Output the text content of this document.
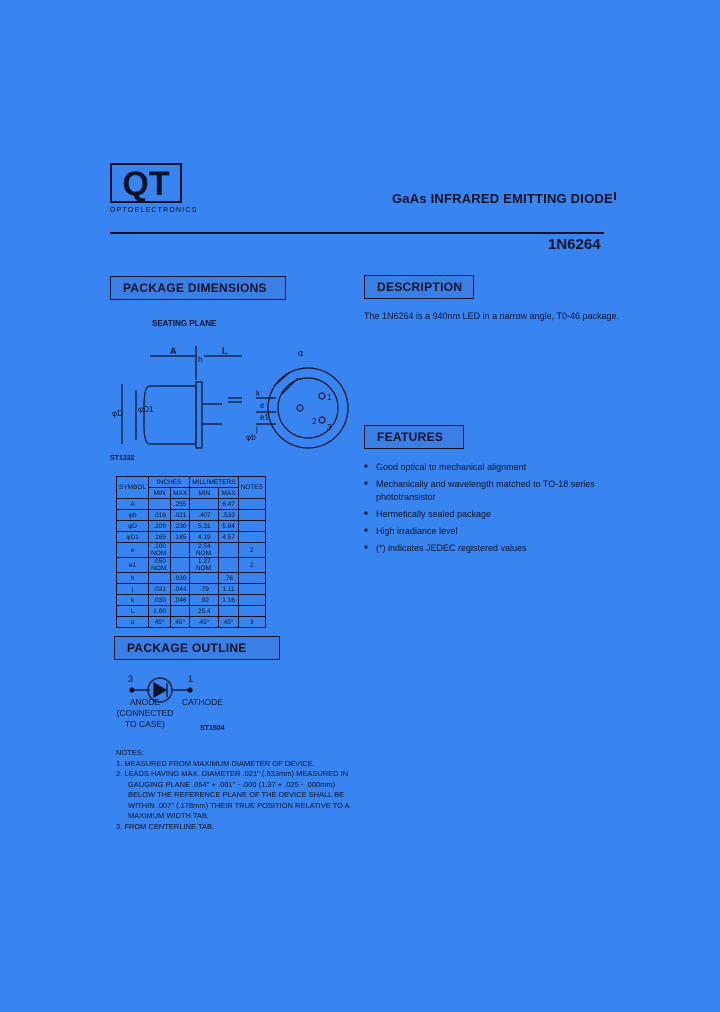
QT
OPTOELECTRONICS
GaAs INFRARED EMITTING DIODE
1N6264
PACKAGE DIMENSIONS	DESCRIPTION
FEATURES
PACKAGE OUTLINE
The 1N6264 is a 940nm LED in a narrow angle, T0-46 package.
■ Good optical to mechanical alignment
■ Mechanically and wavelength matched to TO-18 series phototransistor
■ Hermetically sealed package
■ High irradiance level
■ (*) indicates JEDEC registered values
SEATING PLANE
A	L
h
α
φD φD1
φb
e
e1
k
j
1
2
3
ST1332
SYMBOL	INCHES		MILLIMETERS		NOTES
	MIN	MAX	MIN	MAX	
A		.255		6.47	
φb	.016	.021	.407	.533	
φD	.209	.230	5.31	5.84	
φD1	.165	.185	4.19	4.57	
e	.100 NOM.		2.54 NOM.		2
e1	.050 NOM.		1.27 NOM.		2
h		.030		.76	
j	.031	.044	.79	1.11	
k	.030	.046	.92	1.16	
L	1.00		25.4		
α	45°	45°	45°	45°	3
3	1
ANODE
(CONNECTED
TO CASE)
CATHODE
ST1504

NOTES:

1. MEASURED FROM MAXIMUM DIAMETER OF DEVICE.

2. LEADS HAVING MAX. DIAMETER .021" (.533mm) MEASURED IN GAUGING PLANE .054" + .001" - .000 (1.37 + .025 - .000mm) BELOW THE REFERENCE PLANE OF THE DEVICE SHALL BE WITHIN .007" (.178mm) THEIR TRUE POSITION RELATIVE TO A MAXIMUM WIDTH TAB.

3. FROM CENTERLINE TAB.
